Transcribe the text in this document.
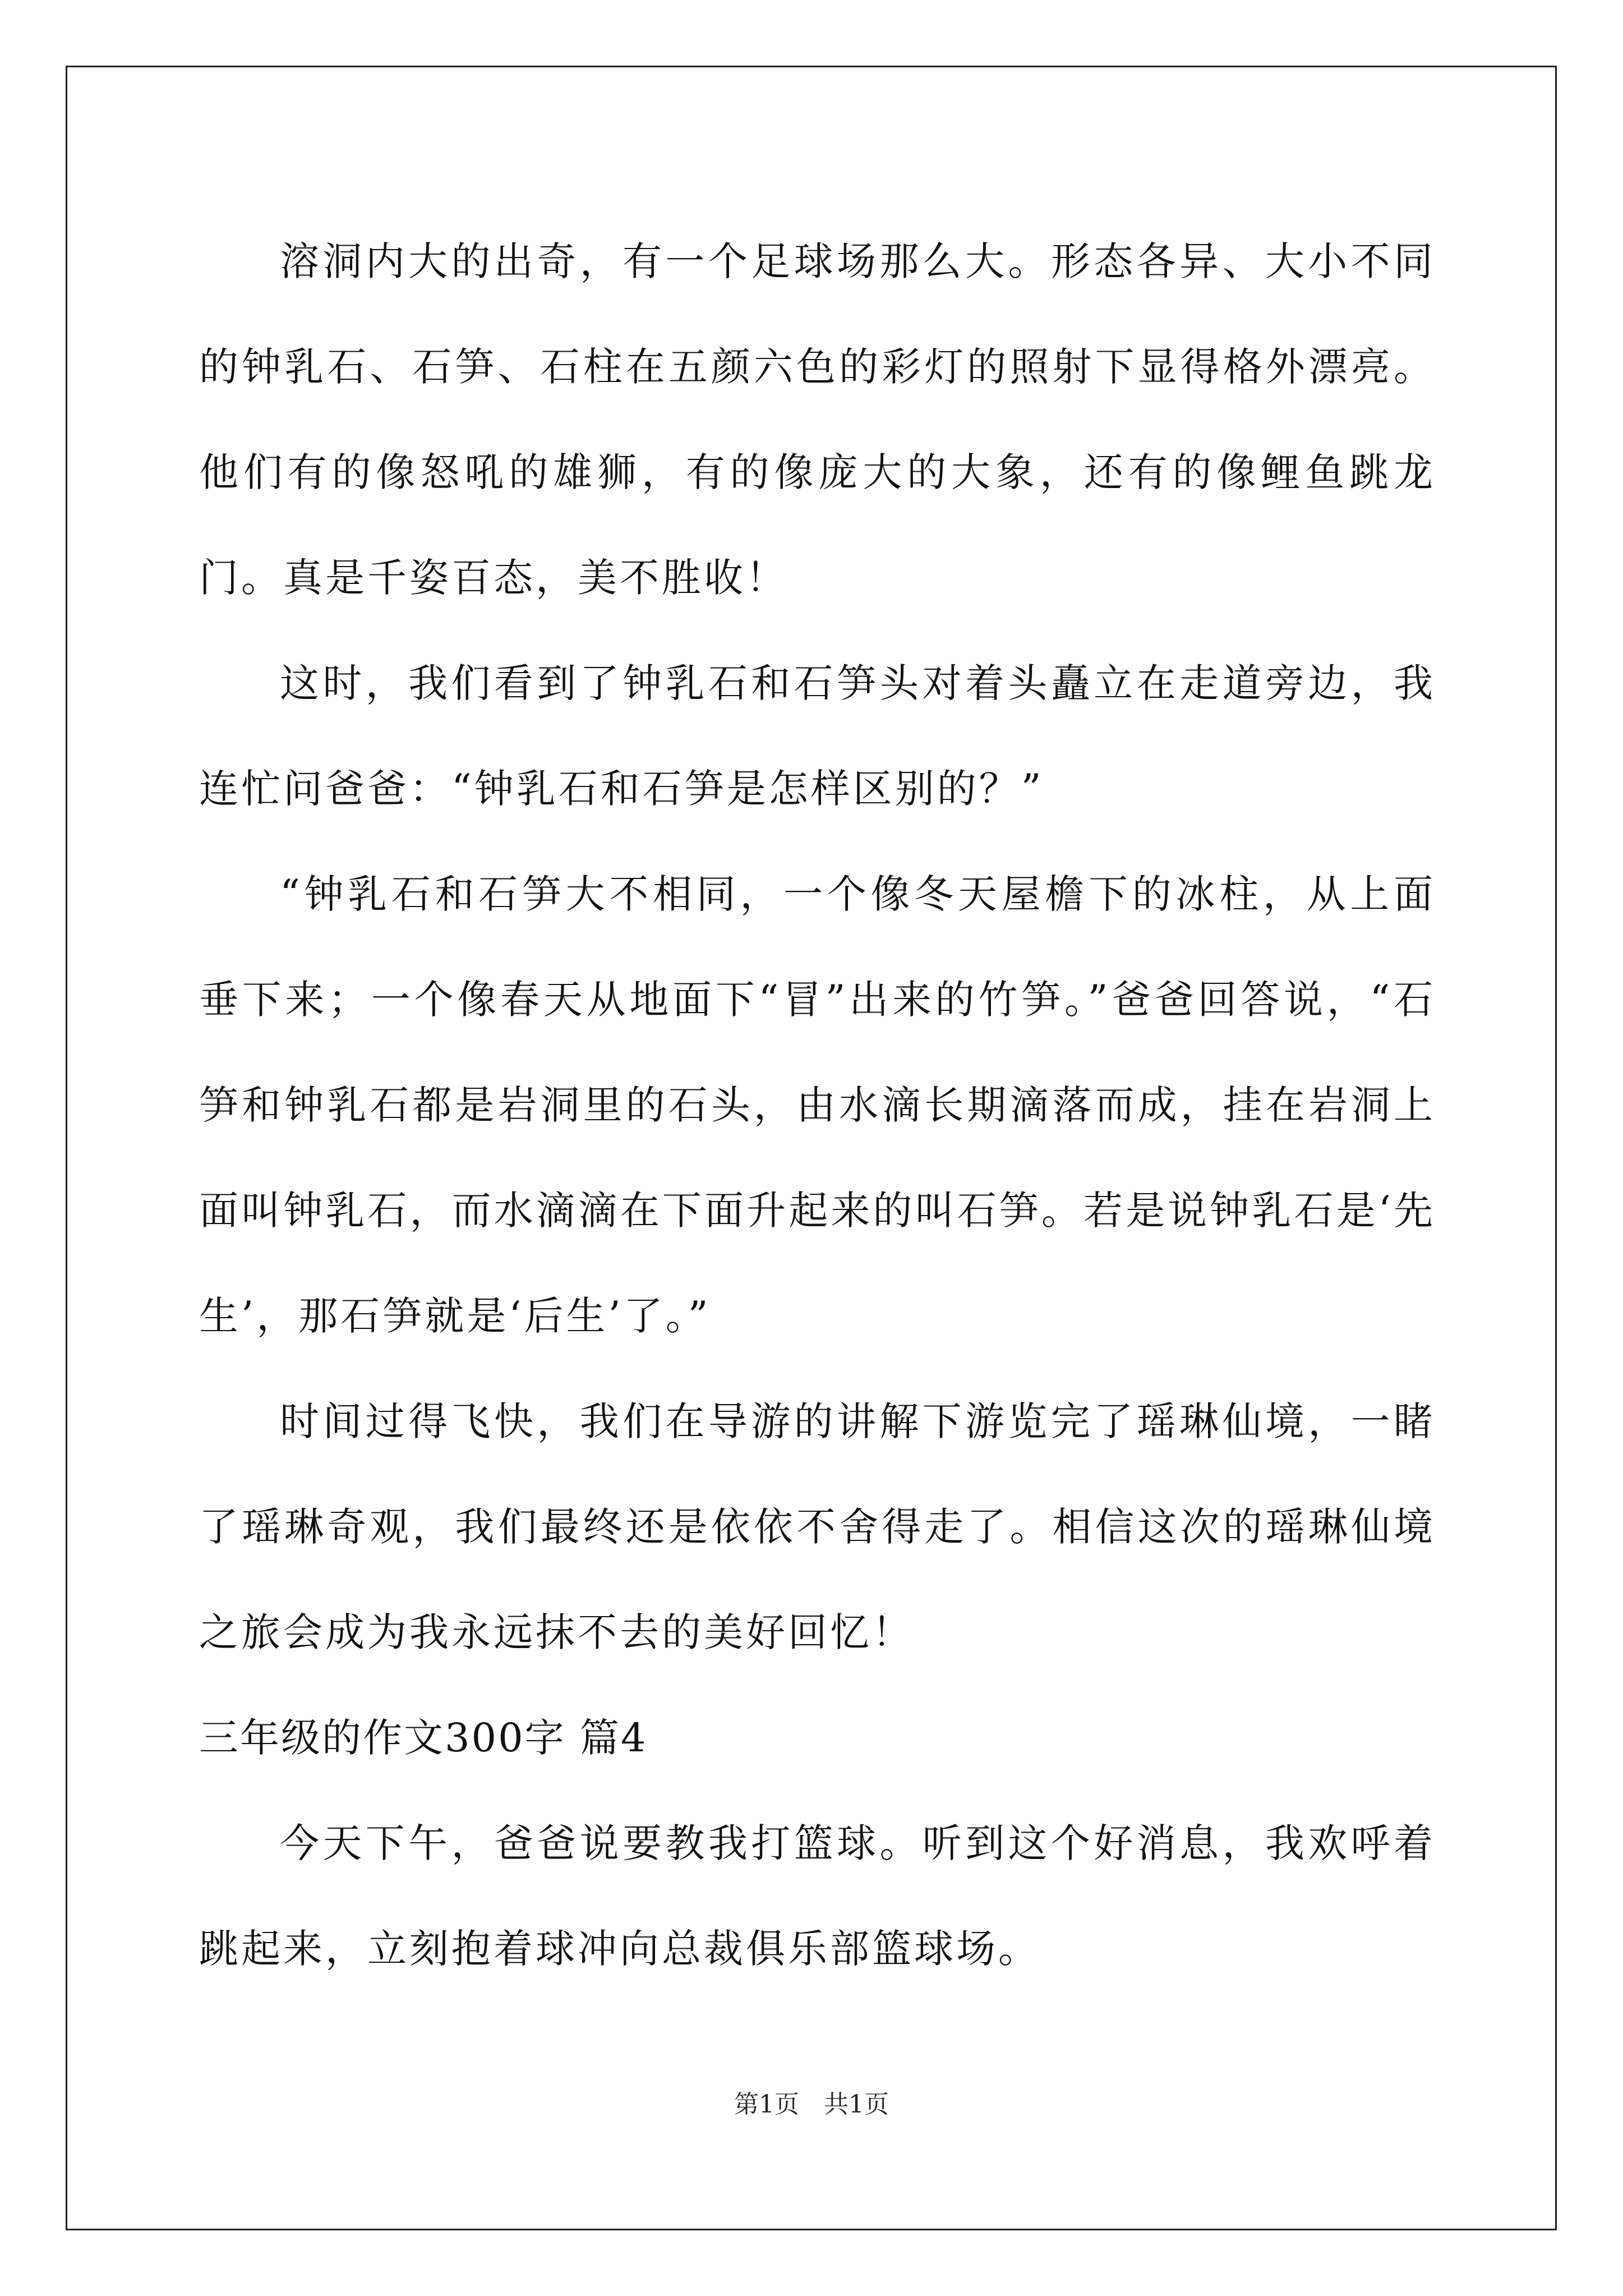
溶洞内大的出奇，有一个足球场那么大。形态各异、大小不同的钟乳石、石笋、石柱在五颜六色的彩灯的照射下显得格外漂亮。他们有的像怒吼的雄狮，有的像庞大的大象，还有的像鲤鱼跳龙门。真是千姿百态，美不胜收！

这时，我们看到了钟乳石和石笋头对着头矗立在走道旁边，我连忙问爸爸：“钟乳石和石笋是怎样区别的？”

“钟乳石和石笋大不相同，一个像冬天屋檐下的冰柱，从上面垂下来；一个像春天从地面下“冒”出来的竹笋。”爸爸回答说，“石笋和钟乳石都是岩洞里的石头，由水滴长期滴落而成，挂在岩洞上面叫钟乳石，而水滴滴在下面升起来的叫石笋。若是说钟乳石是‘先生’，那石笋就是‘后生’了。”

时间过得飞快，我们在导游的讲解下游览完了瑶琳仙境，一睹了瑶琳奇观，我们最终还是依依不舍得走了。相信这次的瑶琳仙境之旅会成为我永远抹不去的美好回忆！

三年级的作文300字 篇4

今天下午，爸爸说要教我打篮球。听到这个好消息，我欢呼着跳起来，立刻抱着球冲向总裁俱乐部篮球场。

第1页　共1页
